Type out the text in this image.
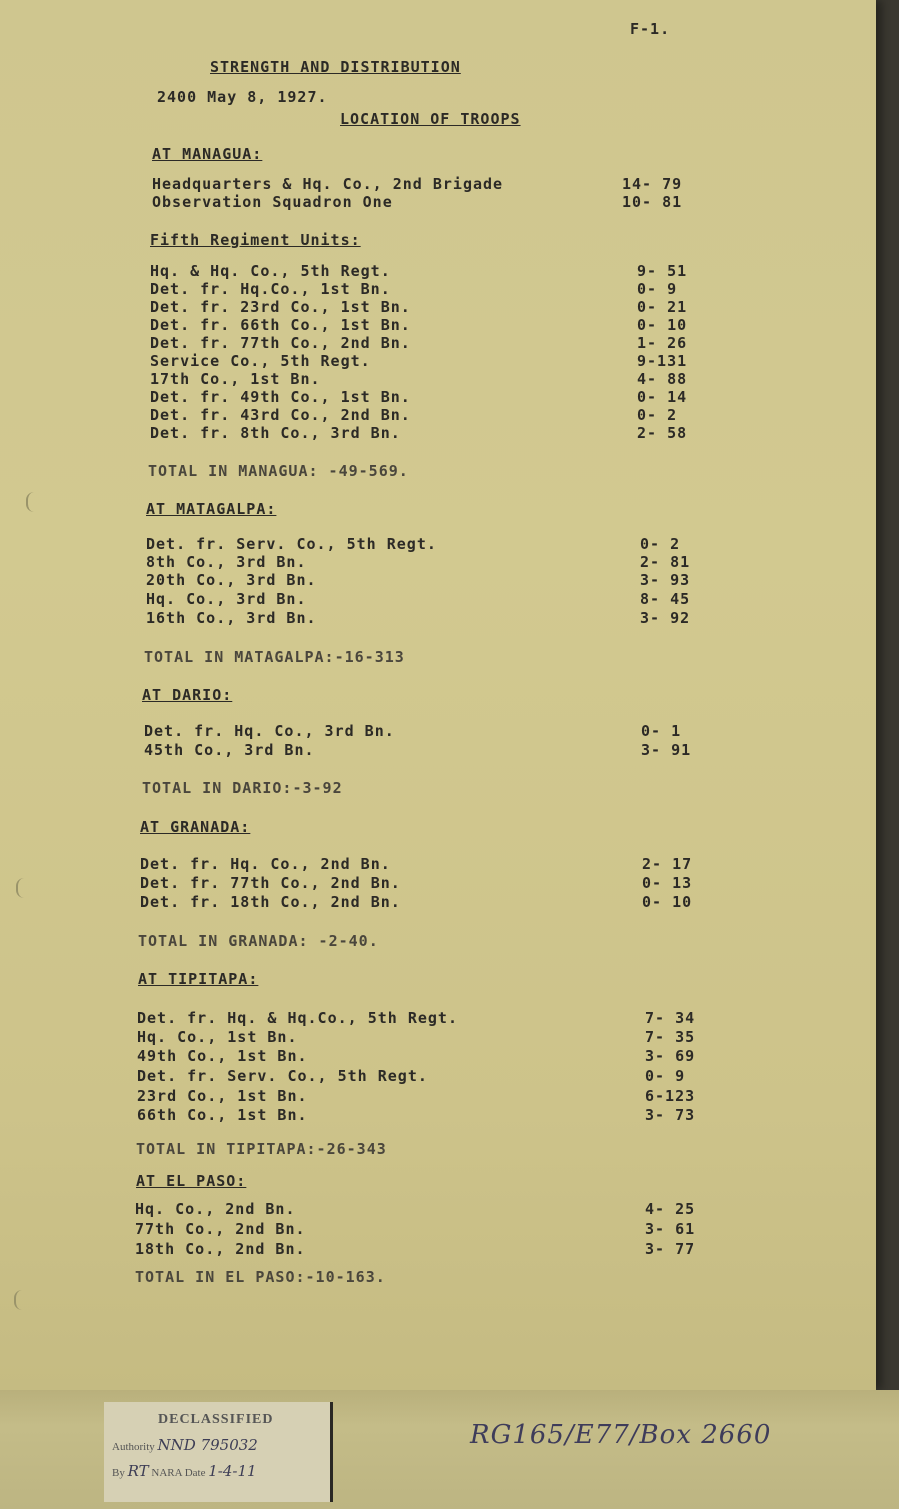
F-1.
STRENGTH AND DISTRIBUTION
2400 May 8, 1927.
LOCATION OF TROOPS
AT MANAGUA:
Headquarters & Hq. Co., 2nd Brigade	14- 79
Observation Squadron One	10- 81
Fifth Regiment Units:
Hq. & Hq. Co., 5th Regt.	9- 51
Det. fr. Hq.Co., 1st Bn.	0- 9
Det. fr. 23rd Co., 1st Bn.	0- 21
Det. fr. 66th Co., 1st Bn.	0- 10
Det. fr. 77th Co., 2nd Bn.	1- 26
Service Co., 5th Regt.	9-131
17th Co., 1st Bn.	4- 88
Det. fr. 49th Co., 1st Bn.	0- 14
Det. fr. 43rd Co., 2nd Bn.	0- 2
Det. fr. 8th Co., 3rd Bn.	2- 58
TOTAL IN MANAGUA: -49-569.
AT MATAGALPA:
Det. fr. Serv. Co., 5th Regt.	0- 2
8th Co., 3rd Bn.	2- 81
20th Co., 3rd Bn.	3- 93
Hq. Co., 3rd Bn.	8- 45
16th Co., 3rd Bn.	3- 92
TOTAL IN MATAGALPA:-16-313
AT DARIO:
Det. fr. Hq. Co., 3rd Bn.	0- 1
45th Co., 3rd Bn.	3- 91
TOTAL IN DARIO:-3-92
AT GRANADA:
Det. fr. Hq. Co., 2nd Bn.	2- 17
Det. fr. 77th Co., 2nd Bn.	0- 13
Det. fr. 18th Co., 2nd Bn.	0- 10
TOTAL IN GRANADA: -2-40.
AT TIPITAPA:
Det. fr. Hq. & Hq.Co., 5th Regt.	7- 34
Hq. Co., 1st Bn.	7- 35
49th Co., 1st Bn.	3- 69
Det. fr. Serv. Co., 5th Regt.	0- 9
23rd Co., 1st Bn.	6-123
66th Co., 1st Bn.	3- 73
TOTAL IN TIPITAPA:-26-343
AT EL PASO:
Hq. Co., 2nd Bn.	4- 25
77th Co., 2nd Bn.	3- 61
18th Co., 2nd Bn.	3- 77
TOTAL IN EL PASO:-10-163.
DECLASSIFIED
Authority NND 795032
By RT NARA Date 1-4-11
RG165/E77/Box 2660
